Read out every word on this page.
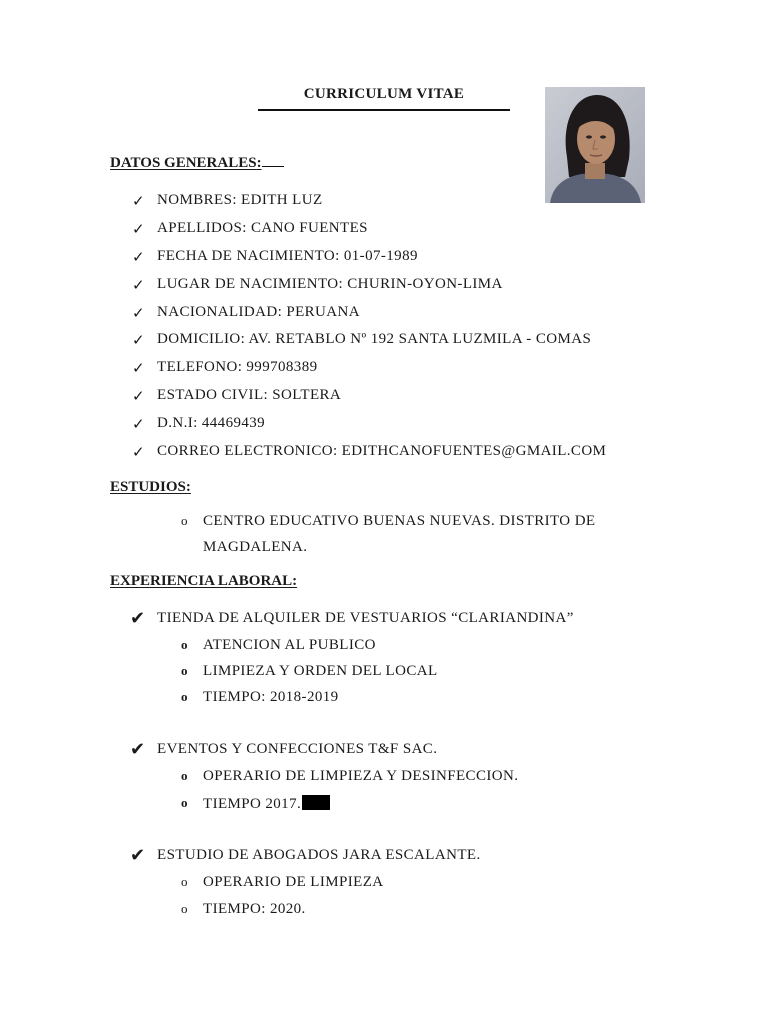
CURRICULUM VITAE
DATOS GENERALES:
✓ NOMBRES: EDITH LUZ
✓ APELLIDOS: CANO FUENTES
✓ FECHA DE NACIMIENTO: 01-07-1989
✓ LUGAR DE NACIMIENTO: CHURIN-OYON-LIMA
✓ NACIONALIDAD: PERUANA
✓ DOMICILIO: AV. RETABLO Nº 192 SANTA LUZMILA - COMAS
✓ TELEFONO: 999708389
✓ ESTADO CIVIL: SOLTERA
✓ D.N.I: 44469439
✓ CORREO ELECTRONICO: EDITHCANOFUENTES@GMAIL.COM
ESTUDIOS:
o CENTRO EDUCATIVO BUENAS NUEVAS. DISTRITO DE
MAGDALENA.
EXPERIENCIA LABORAL:
✔ TIENDA DE ALQUILER DE VESTUARIOS “CLARIANDINA”
o ATENCION AL PUBLICO
o LIMPIEZA Y ORDEN DEL LOCAL
o TIEMPO: 2018-2019
✔ EVENTOS Y CONFECCIONES T&F SAC.
o OPERARIO DE LIMPIEZA Y DESINFECCION.
o TIEMPO 2017.
✔ ESTUDIO DE ABOGADOS JARA ESCALANTE.
o OPERARIO DE LIMPIEZA
o TIEMPO: 2020.
